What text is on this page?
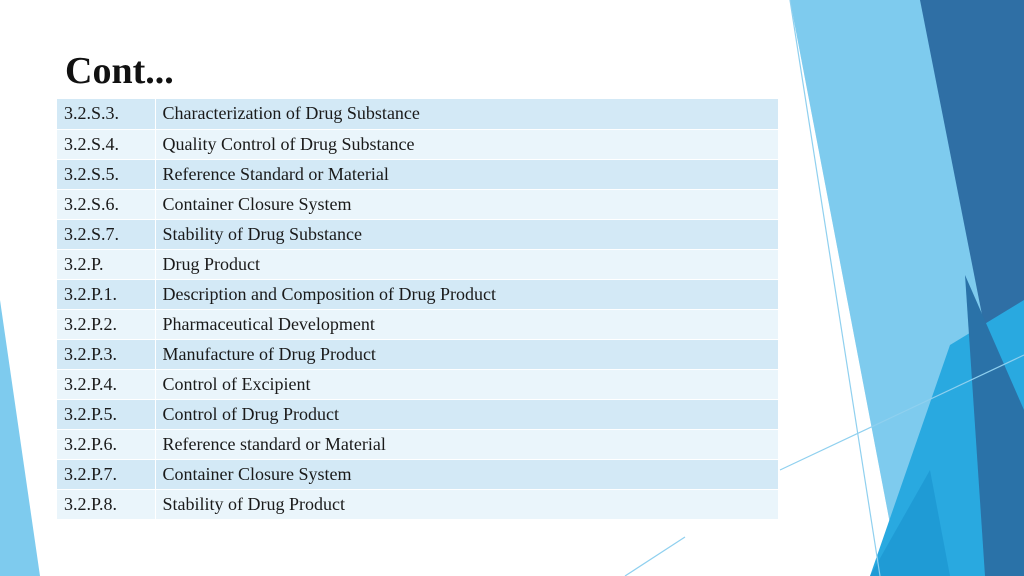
Cont...
3.2.S.3.	Characterization of Drug Substance
3.2.S.4.	Quality Control of Drug Substance
3.2.S.5.	Reference Standard or Material
3.2.S.6.	Container Closure System
3.2.S.7.	Stability of Drug Substance
3.2.P.	Drug Product
3.2.P.1.	Description and Composition of Drug Product
3.2.P.2.	Pharmaceutical Development
3.2.P.3.	Manufacture of Drug Product
3.2.P.4.	Control of Excipient
3.2.P.5.	Control of Drug Product
3.2.P.6.	Reference standard or Material
3.2.P.7.	Container Closure System
3.2.P.8.	Stability of Drug Product
